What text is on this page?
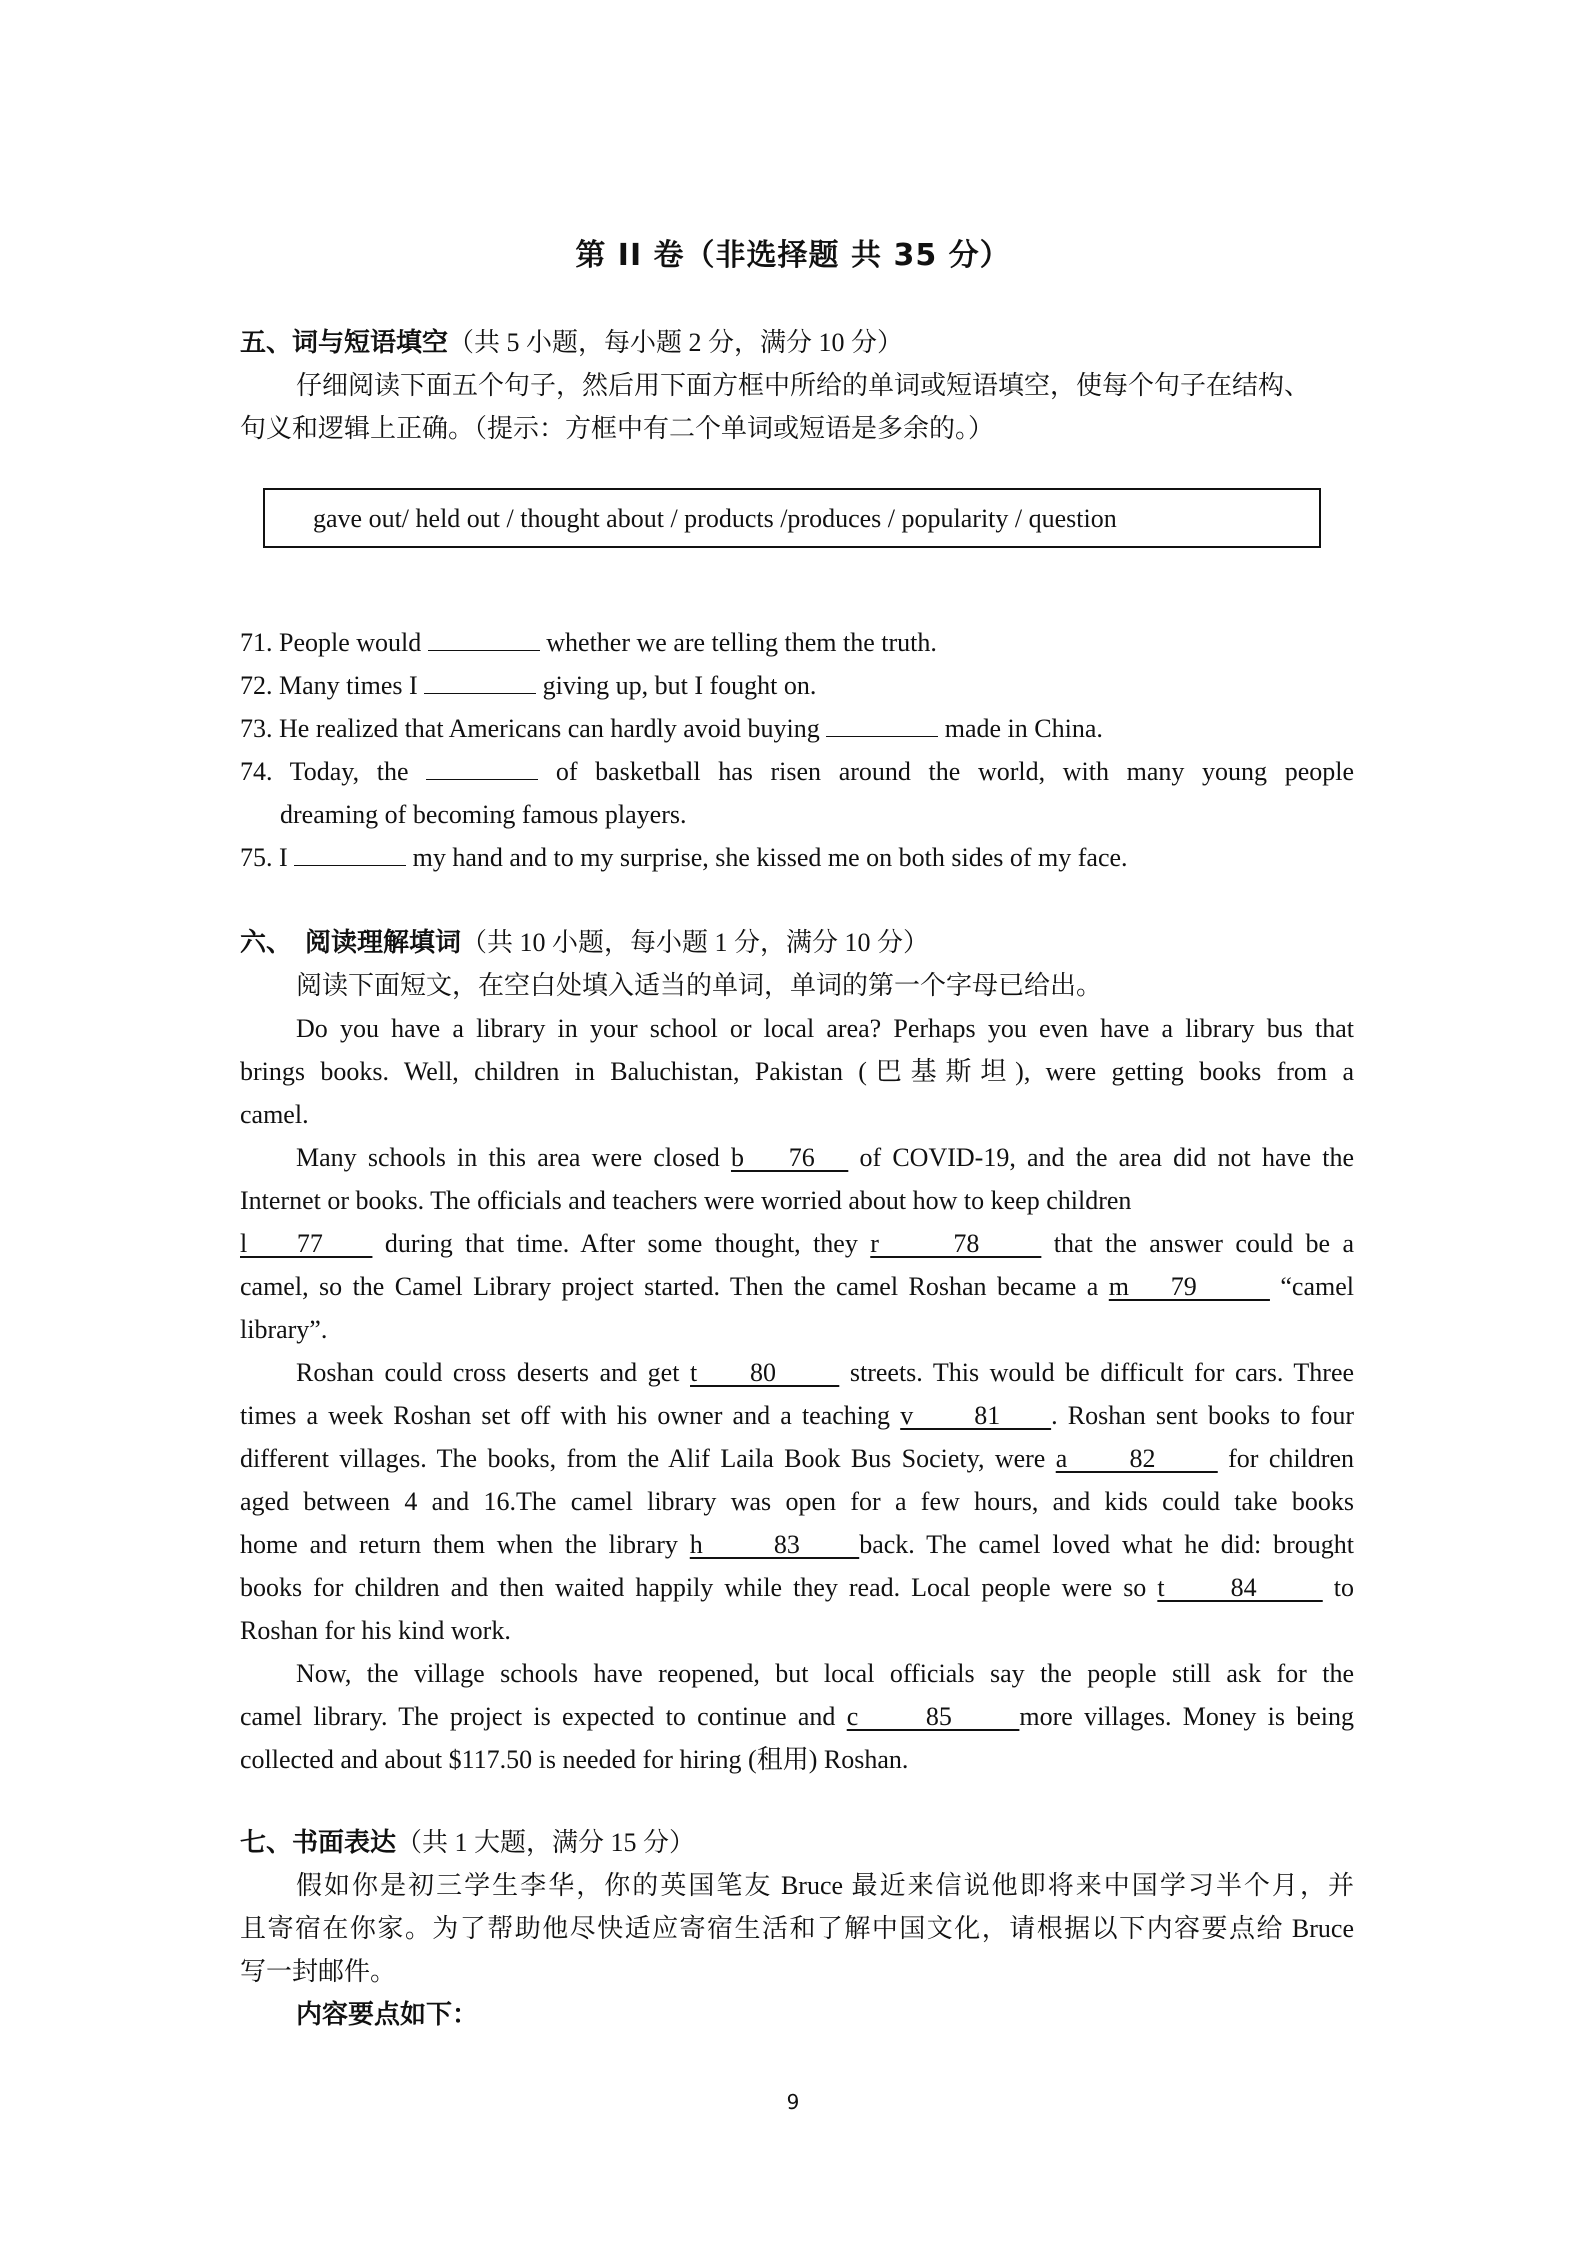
第 II 卷（非选择题 共 35 分）
五、词与短语填空（共 5 小题，每小题 2 分，满分 10 分）
仔细阅读下面五个句子，然后用下面方框中所给的单词或短语填空，使每个句子在结构、
句义和逻辑上正确。（提示：方框中有二个单词或短语是多余的。）
gave out/ held out / thought about / products /produces / popularity / question
71. People would	whether we are telling them the truth.
72. Many times I	giving up, but I fought on.
73. He realized that Americans can hardly avoid buying	made in China.
74. Today, the	of basketball has risen around the world, with many young people
dreaming of becoming famous players.
75. I	my hand and to my surprise, she kissed me on both sides of my face.
六、 阅读理解填词（共 10 小题，每小题 1 分，满分 10 分）
阅读下面短文，在空白处填入适当的单词，单词的第一个字母已给出。
Do you have a library in your school or local area? Perhaps you even have a library bus that
brings books. Well, children in Baluchistan, Pakistan (巴基斯坦), were getting books from a
camel.
Many schools in this area were closed b    76    of COVID-19, and the area did not have the
Internet or books. The officials and teachers were worried about how to keep children
l    77     during that time. After some thought, they r      78      that the answer could be a
camel, so the Camel Library project started. Then the camel Roshan became a m    79        “camel
library”.
Roshan could cross deserts and get t     80       streets. This would be difficult for cars. Three
times a week Roshan set off with his owner and a teaching v      81     . Roshan sent books to four
different villages. The books, from the Alif Laila Book Bus Society, were a      82       for children
aged between 4 and 16.The camel library was open for a few hours, and kids could take books
home and return them when the library h      83     back. The camel loved what he did: brought
books for children and then waited happily while they read. Local people were so t      84       to
Roshan for his kind work.
Now, the village schools have reopened, but local officials say the people still ask for the
camel library. The project is expected to continue and c      85      more villages. Money is being
collected and about $117.50 is needed for hiring (租用) Roshan.
七、书面表达（共 1 大题，满分 15 分）
假如你是初三学生李华，你的英国笔友 Bruce 最近来信说他即将来中国学习半个月，并
且寄宿在你家。为了帮助他尽快适应寄宿生活和了解中国文化，请根据以下内容要点给 Bruce
写一封邮件。
内容要点如下：
9
